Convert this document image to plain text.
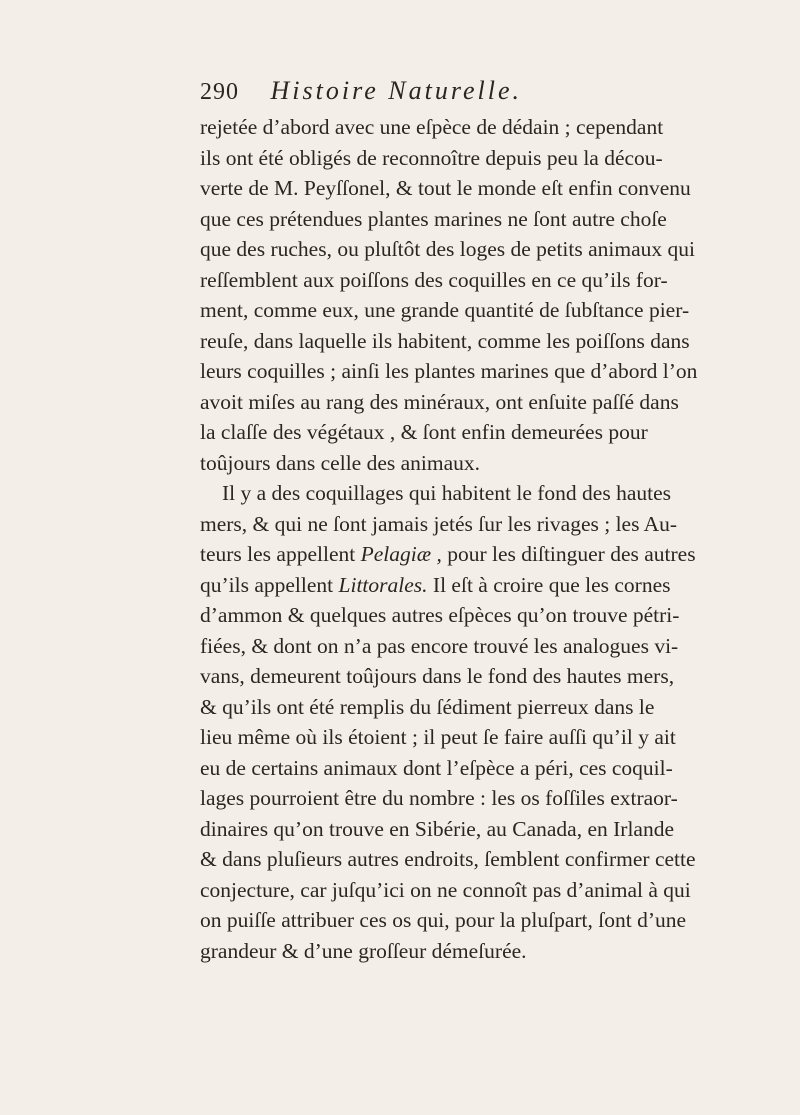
290 Histoire Naturelle.
rejetée d’abord avec une eſpèce de dédain ; cependant
ils ont été obligés de reconnoître depuis peu la décou-
verte de M. Peyſſonel, & tout le monde eſt enfin convenu
que ces prétendues plantes marines ne ſont autre choſe
que des ruches, ou pluſtôt des loges de petits animaux qui
reſſemblent aux poiſſons des coquilles en ce qu’ils for-
ment, comme eux, une grande quantité de ſubſtance pier-
reuſe, dans laquelle ils habitent, comme les poiſſons dans
leurs coquilles ; ainſi les plantes marines que d’abord l’on
avoit miſes au rang des minéraux, ont enſuite paſſé dans
la claſſe des végétaux , & ſont enfin demeurées pour
toûjours dans celle des animaux.
Il y a des coquillages qui habitent le fond des hautes
mers, & qui ne ſont jamais jetés ſur les rivages ; les Au-
teurs les appellent Pelagiæ , pour les diſtinguer des autres
qu’ils appellent Littorales. Il eſt à croire que les cornes
d’ammon & quelques autres eſpèces qu’on trouve pétri-
fiées, & dont on n’a pas encore trouvé les analogues vi-
vans, demeurent toûjours dans le fond des hautes mers,
& qu’ils ont été remplis du ſédiment pierreux dans le
lieu même où ils étoient ; il peut ſe faire auſſi qu’il y ait
eu de certains animaux dont l’eſpèce a péri, ces coquil-
lages pourroient être du nombre : les os foſſiles extraor-
dinaires qu’on trouve en Sibérie, au Canada, en Irlande
& dans pluſieurs autres endroits, ſemblent confirmer cette
conjecture, car juſqu’ici on ne connoît pas d’animal à qui
on puiſſe attribuer ces os qui, pour la pluſpart, ſont d’une
grandeur & d’une groſſeur démeſurée.
